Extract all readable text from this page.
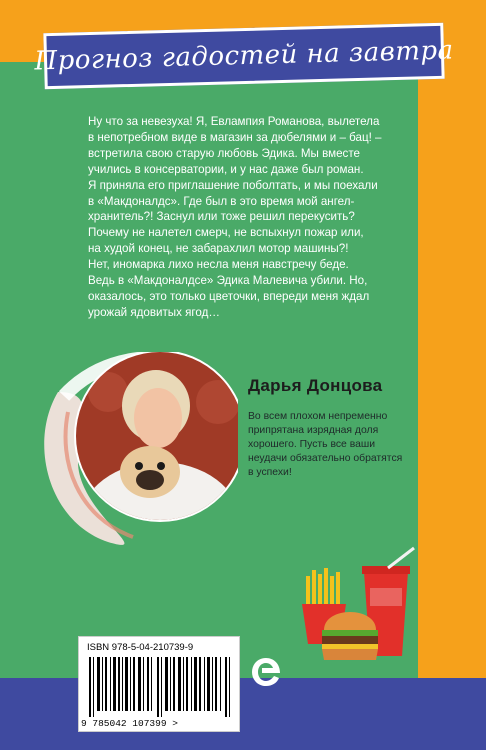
Прогноз гадостей на завтра
Ну что за невезуха! Я, Евлампия Романова, вылетела
в непотребном виде в магазин за дюбелями и – бац! –
встретила свою старую любовь Эдика. Мы вместе
учились в консерватории, и у нас даже был роман.
Я приняла его приглашение поболтать, и мы поехали
в «Макдоналдс». Где был в это время мой ангел-
хранитель?! Заснул или тоже решил перекусить?
Почему не налетел смерч, не вспыхнул пожар или,
на худой конец, не забарахлил мотор машины?!
Нет, иномарка лихо несла меня навстречу беде.
Ведь в «Макдоналдсе» Эдика Малевича убили. Но,
оказалось, это только цветочки, впереди меня ждал
урожай ядовитых ягод…
Дарья Донцова
Во всем плохом непременно
припрятана изрядная доля
хорошего. Пусть все ваши
неудачи обязательно обратятся
в успехи!
ISBN 978-5-04-210739-9
9 785042 107399 >
